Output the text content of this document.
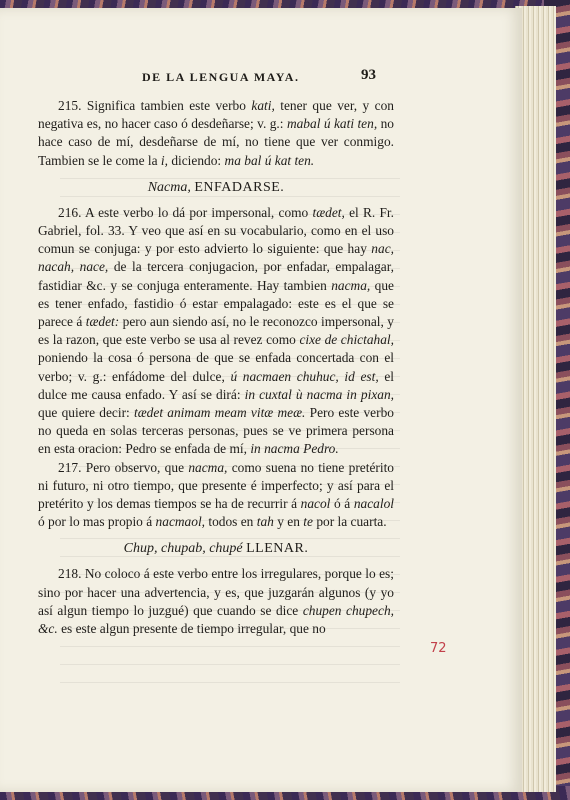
DE LA LENGUA MAYA.	93

215. Significa tambien este verbo kati, tener que ver, y con negativa es, no hacer caso ó desdeñarse; v. g.: mabal ú kati ten, no hace caso de mí, desdeñarse de mí, no tiene que ver conmigo. Tambien se le come la i, diciendo: ma bal ú kat ten.

Nacma, ENFADARSE.

216. A este verbo lo dá por impersonal, como tædet, el R. Fr. Gabriel, fol. 33. Y veo que así en su vocabulario, como en el uso comun se conjuga: y por esto advierto lo siguiente: que hay nac, nacah, nace, de la tercera conjugacion, por enfadar, empalagar, fastidiar &c. y se conjuga enteramente. Hay tambien nacma, que es tener enfado, fastidio ó estar empalagado: este es el que se parece á tædet: pero aun siendo así, no le reconozco impersonal, y es la razon, que este verbo se usa al revez como cixe de chictahal, poniendo la cosa ó persona de que se enfada concertada con el verbo; v. g.: enfádome del dulce, ú nacmaen chuhuc, id est, el dulce me causa enfado. Y así se dirá: in cuxtal ù nacma in pixan, que quiere decir: tædet animam meam vitæ meæ. Pero este verbo no queda en solas terceras personas, pues se ve primera persona en esta oracion: Pedro se enfada de mí, in nacma Pedro.

217. Pero observo, que nacma, como suena no tiene pretérito ni futuro, ni otro tiempo, que presente é imperfecto; y así para el pretérito y los demas tiempos se ha de recurrir á nacol ó á nacalol ó por lo mas propio á nacmaol, todos en tah y en te por la cuarta.

Chup, chupab, chupé LLENAR.

218. No coloco á este verbo entre los irregulares, porque lo es; sino por hacer una advertencia, y es, que juzgarán algunos (y yo así algun tiempo lo juzgué) que cuando se dice chupen chupech, &c. es este algun presente de tiempo irregular, que no

72
